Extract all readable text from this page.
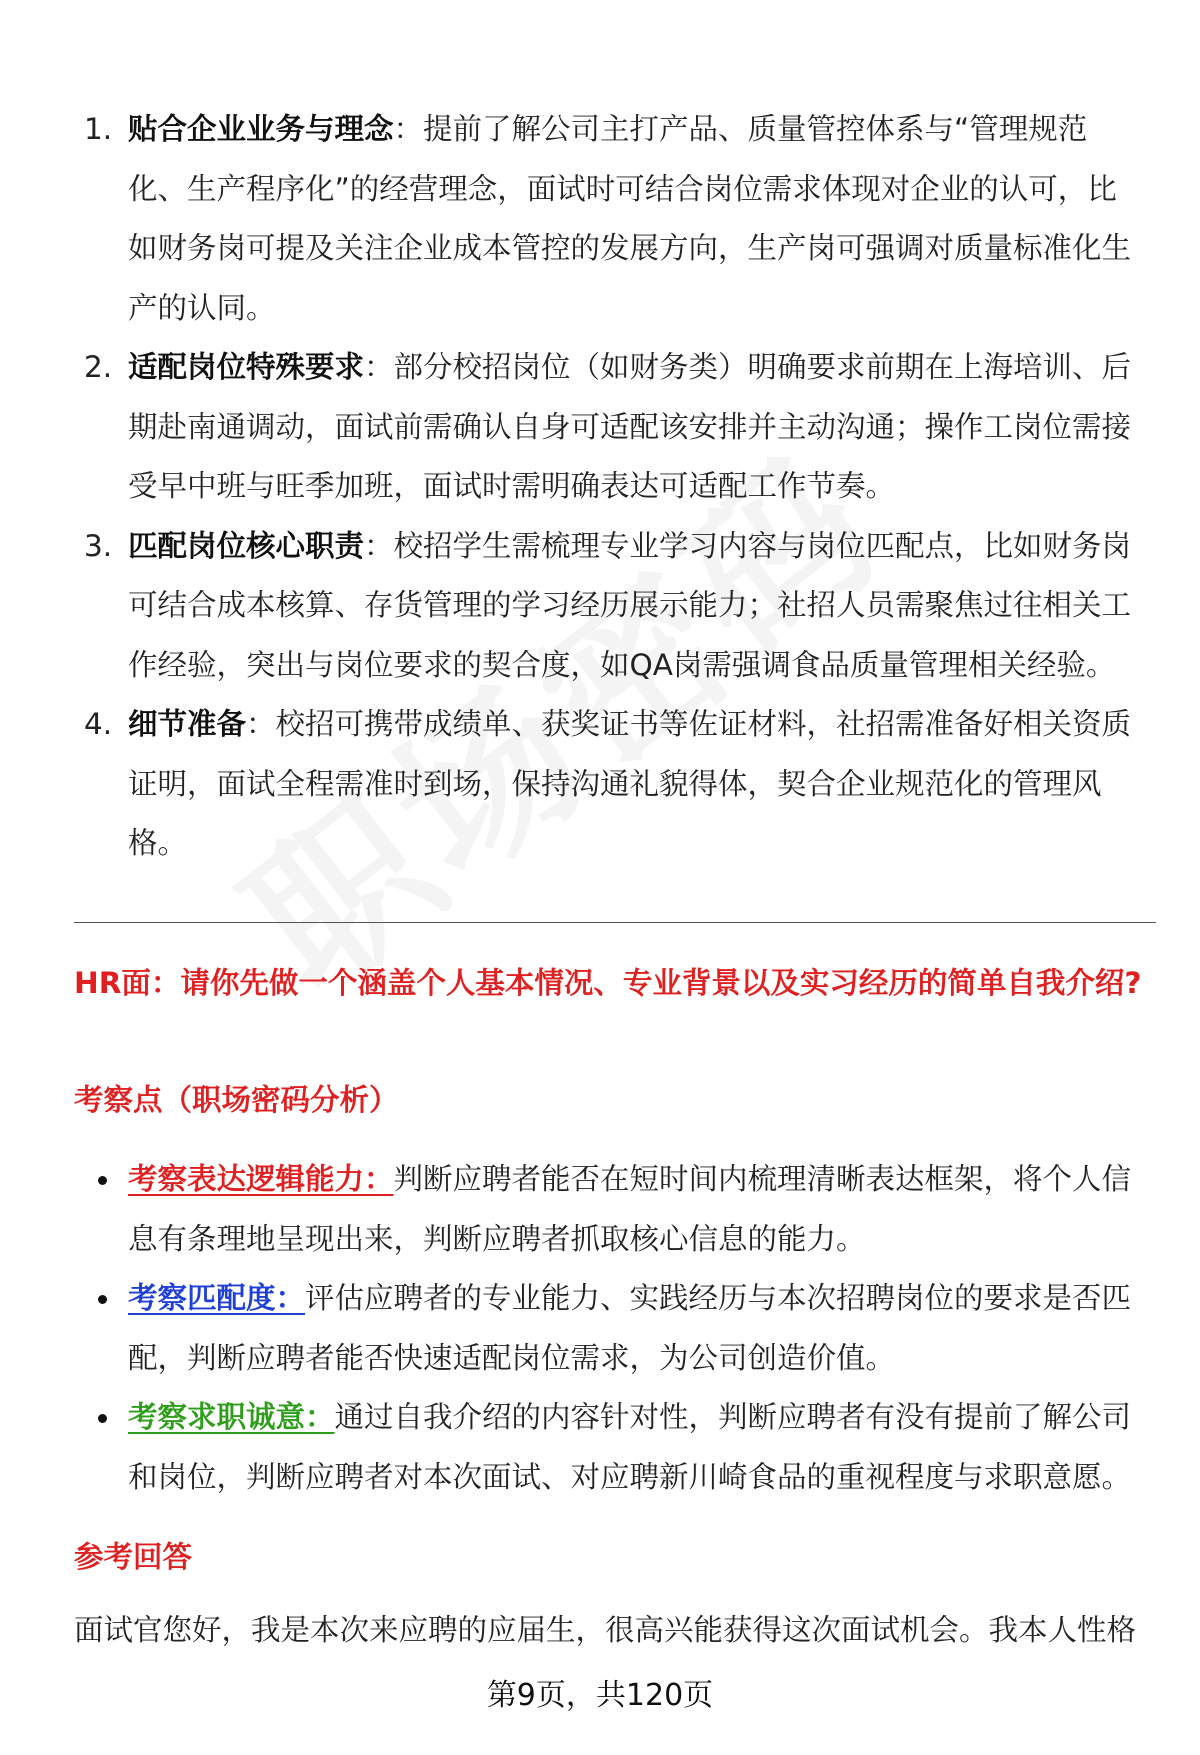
1. 贴合企业业务与理念：提前了解公司主打产品、质量管控体系与“管理规范化、生产程序化”的经营理念，面试时可结合岗位需求体现对企业的认可，比如财务岗可提及关注企业成本管控的发展方向，生产岗可强调对质量标准化生产的认同。
2. 适配岗位特殊要求：部分校招岗位（如财务类）明确要求前期在上海培训、后期赴南通调动，面试前需确认自身可适配该安排并主动沟通；操作工岗位需接受早中班与旺季加班，面试时需明确表达可适配工作节奏。
3. 匹配岗位核心职责：校招学生需梳理专业学习内容与岗位匹配点，比如财务岗可结合成本核算、存货管理的学习经历展示能力；社招人员需聚焦过往相关工作经验，突出与岗位要求的契合度，如QA岗需强调食品质量管理相关经验。
4. 细节准备：校招可携带成绩单、获奖证书等佐证材料，社招需准备好相关资质证明，面试全程需准时到场，保持沟通礼貌得体，契合企业规范化的管理风格。
HR面：请你先做一个涵盖个人基本情况、专业背景以及实习经历的简单自我介绍?
考察点（职场密码分析）
考察表达逻辑能力：判断应聘者能否在短时间内梳理清晰表达框架，将个人信息有条理地呈现出来，判断应聘者抓取核心信息的能力。
考察匹配度：评估应聘者的专业能力、实践经历与本次招聘岗位的要求是否匹配，判断应聘者能否快速适配岗位需求，为公司创造价值。
考察求职诚意：通过自我介绍的内容针对性，判断应聘者有没有提前了解公司和岗位，判断应聘者对本次面试、对应聘新川崎食品的重视程度与求职意愿。
参考回答

面试官您好，我是本次来应聘的应届生，很高兴能获得这次面试机会。我本人性格

第9页，共120页
